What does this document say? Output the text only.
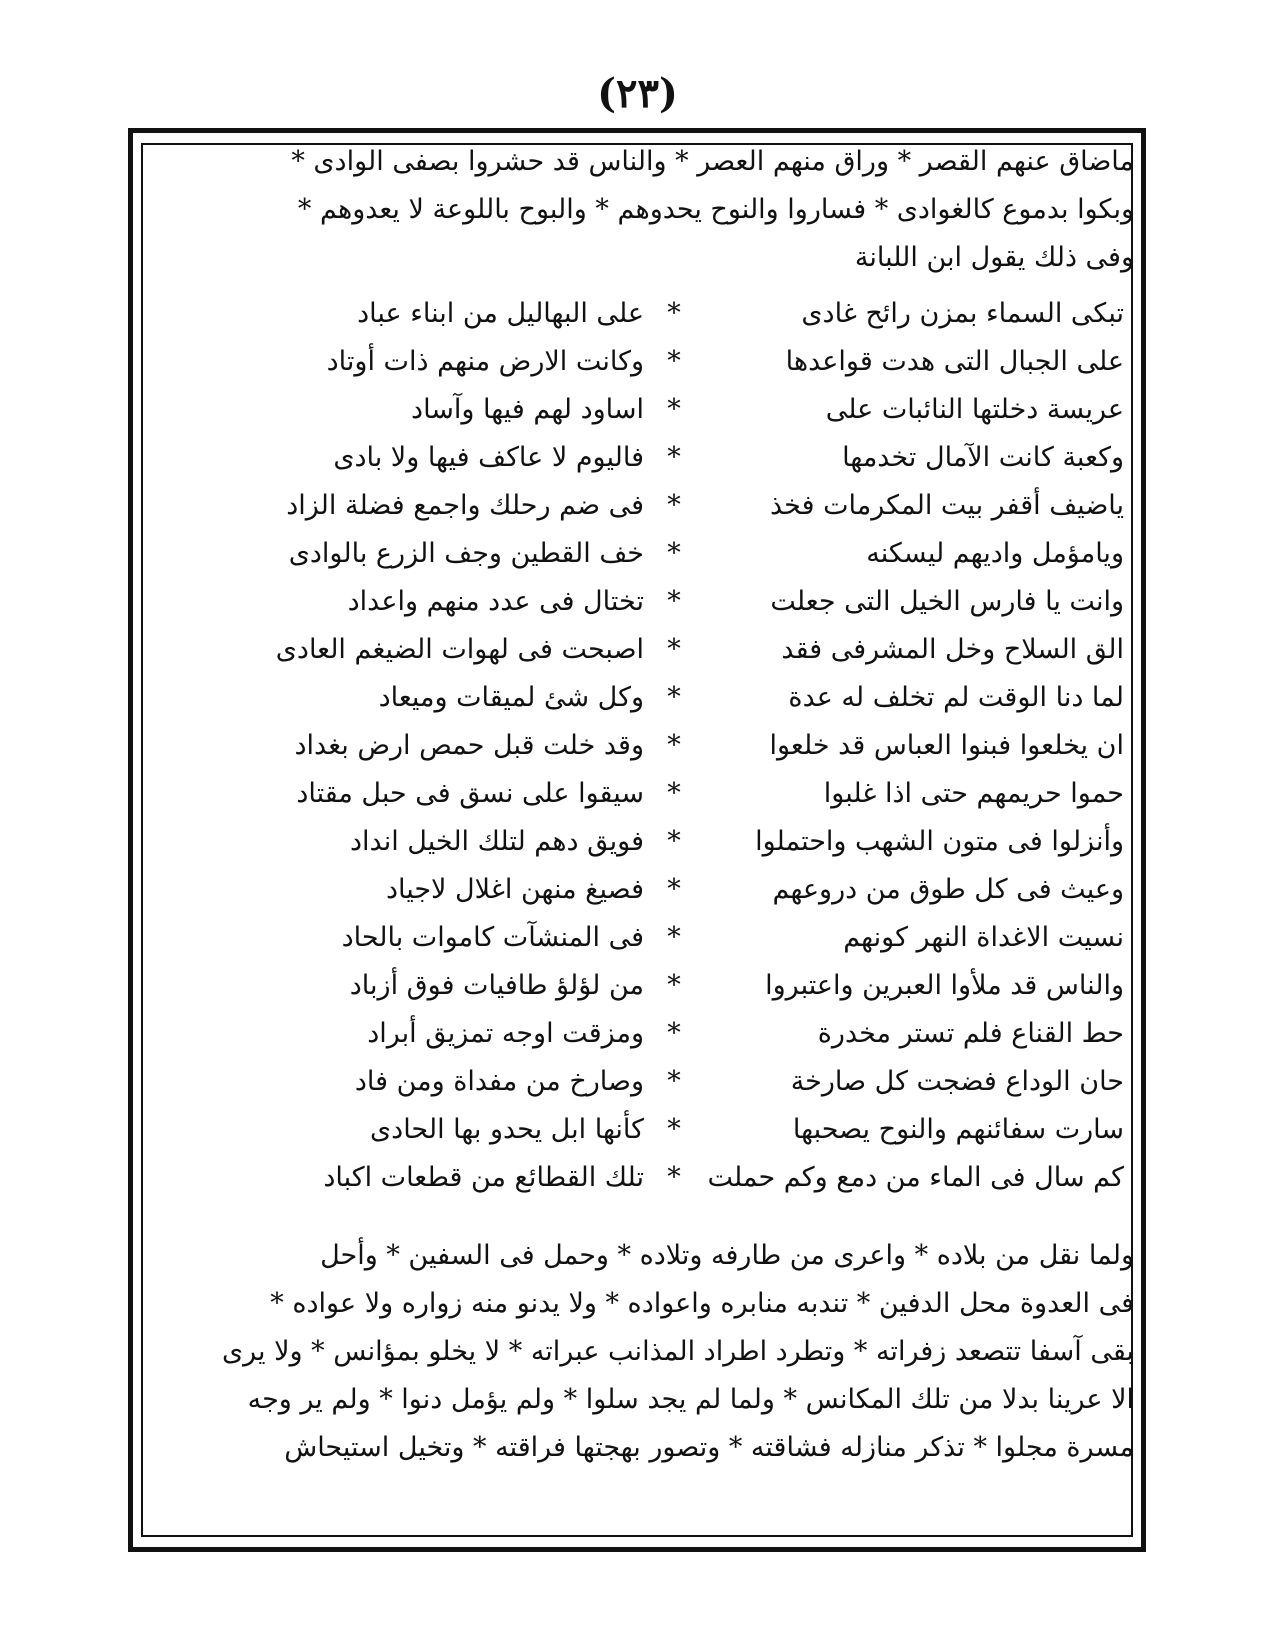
(٢٣)
ماضاق عنهم القصر * وراق منهم العصر * والناس قد حشروا بصفى الوادى *
وبكوا بدموع كالغوادى * فساروا والنوح يحدوهم * والبوح باللوعة لا يعدوهم *
وفى ذلك يقول ابن اللبانة
تبكى السماء بمزن رائح غادى
*
على البهاليل من ابناء عباد
على الجبال التى هدت قواعدها
*
وكانت الارض منهم ذات أوتاد
عريسة دخلتها النائبات على
*
اساود لهم فيها وآساد
وكعبة كانت الآمال تخدمها
*
فاليوم لا عاكف فيها ولا بادى
ياضيف أقفر بيت المكرمات فخذ
*
فى ضم رحلك واجمع فضلة الزاد
ويامؤمل واديهم ليسكنه
*
خف القطين وجف الزرع بالوادى
وانت يا فارس الخيل التى جعلت
*
تختال فى عدد منهم واعداد
الق السلاح وخل المشرفى فقد
*
اصبحت فى لهوات الضيغم العادى
لما دنا الوقت لم تخلف له عدة
*
وكل شئ لميقات وميعاد
ان يخلعوا فبنوا العباس قد خلعوا
*
وقد خلت قبل حمص ارض بغداد
حموا حريمهم حتى اذا غلبوا
*
سيقوا على نسق فى حبل مقتاد
وأنزلوا فى متون الشهب واحتملوا
*
فويق دهم لتلك الخيل انداد
وعيث فى كل طوق من دروعهم
*
فصيغ منهن اغلال لاجياد
نسيت الاغداة النهر كونهم
*
فى المنشآت كاموات بالحاد
والناس قد ملأوا العبرين واعتبروا
*
من لؤلؤ طافيات فوق أزباد
حط القناع فلم تستر مخدرة
*
ومزقت اوجه تمزيق أبراد
حان الوداع فضجت كل صارخة
*
وصارخ من مفداة ومن فاد
سارت سفائنهم والنوح يصحبها
*
كأنها ابل يحدو بها الحادى
كم سال فى الماء من دمع وكم حملت
*
تلك القطائع من قطعات اكباد
ولما نقل من بلاده * واعرى من طارفه وتلاده * وحمل فى السفين * وأحل
فى العدوة محل الدفين * تندبه منابره واعواده * ولا يدنو منه زواره ولا عواده *
بقى آسفا تتصعد زفراته * وتطرد اطراد المذانب عبراته * لا يخلو بمؤانس * ولا يرى
الا عرينا بدلا من تلك المكانس * ولما لم يجد سلوا * ولم يؤمل دنوا * ولم ير وجه
مسرة مجلوا * تذكر منازله فشاقته * وتصور بهجتها فراقته * وتخيل استيحاش
